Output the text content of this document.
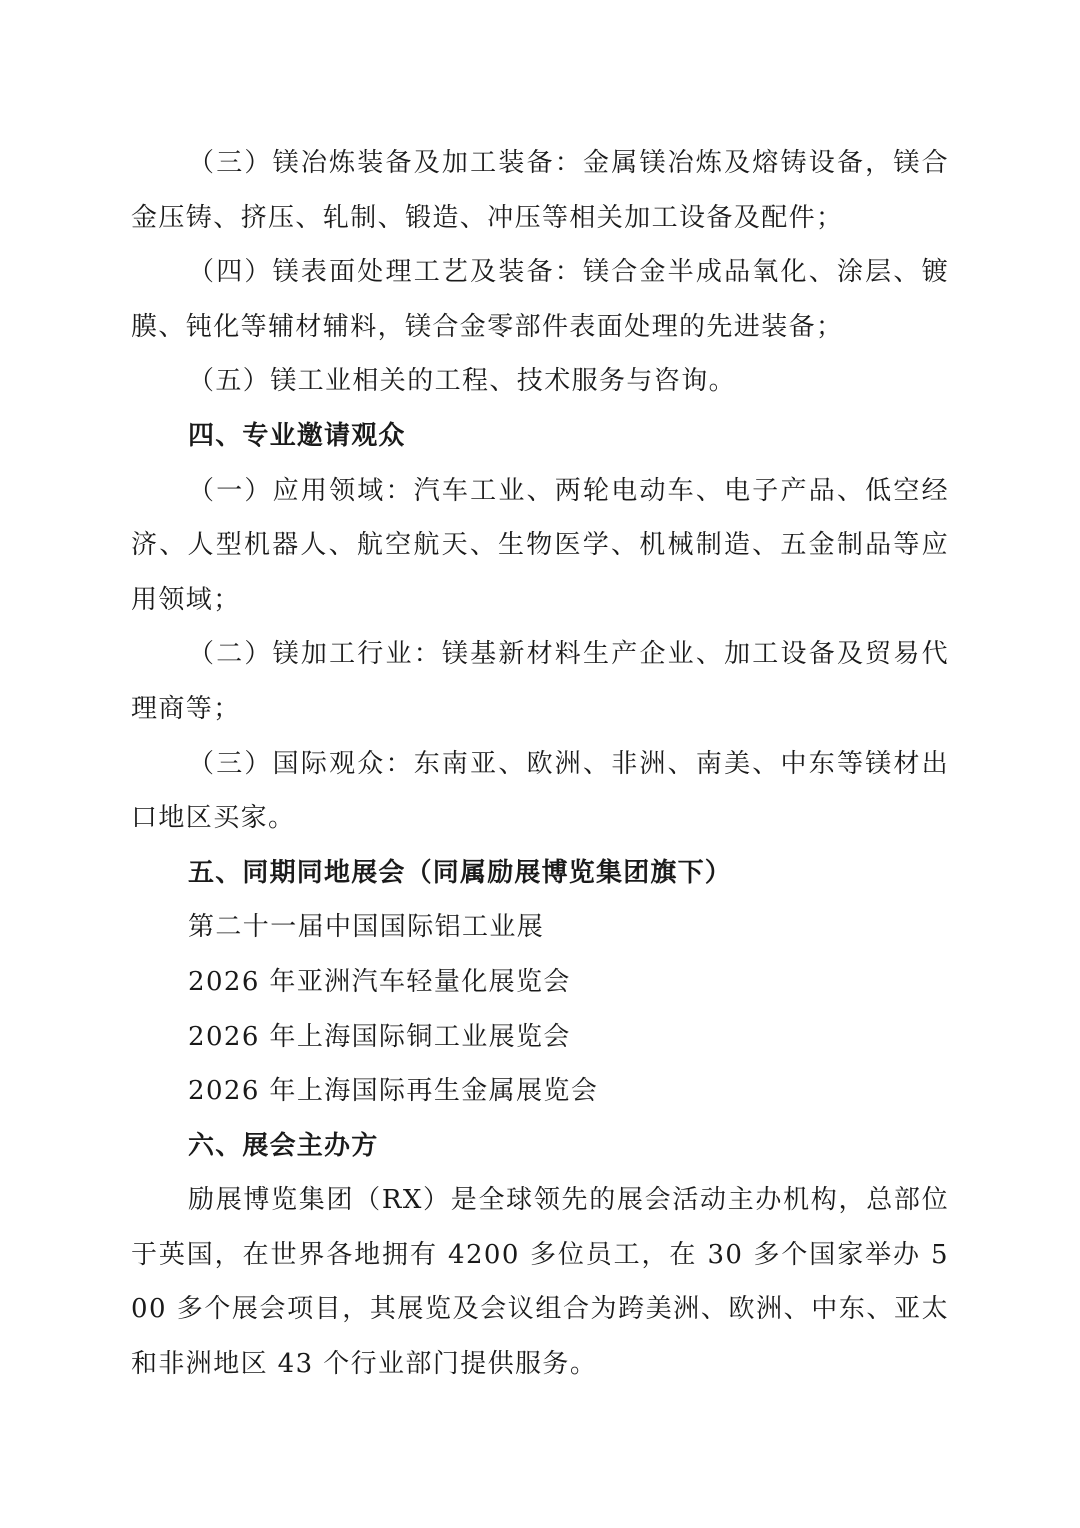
（三）镁冶炼装备及加工装备：金属镁冶炼及熔铸设备，镁合金压铸、挤压、轧制、锻造、冲压等相关加工设备及配件；

（四）镁表面处理工艺及装备：镁合金半成品氧化、涂层、镀膜、钝化等辅材辅料，镁合金零部件表面处理的先进装备；

（五）镁工业相关的工程、技术服务与咨询。

四、专业邀请观众

（一）应用领域：汽车工业、两轮电动车、电子产品、低空经济、人型机器人、航空航天、生物医学、机械制造、五金制品等应用领域；

（二）镁加工行业：镁基新材料生产企业、加工设备及贸易代理商等；

（三）国际观众：东南亚、欧洲、非洲、南美、中东等镁材出口地区买家。

五、同期同地展会（同属励展博览集团旗下）

第二十一届中国国际铝工业展

2026 年亚洲汽车轻量化展览会

2026 年上海国际铜工业展览会

2026 年上海国际再生金属展览会

六、展会主办方

励展博览集团（RX）是全球领先的展会活动主办机构，总部位于英国，在世界各地拥有 4200 多位员工，在 30 多个国家举办 500 多个展会项目，其展览及会议组合为跨美洲、欧洲、中东、亚太和非洲地区 43 个行业部门提供服务。
